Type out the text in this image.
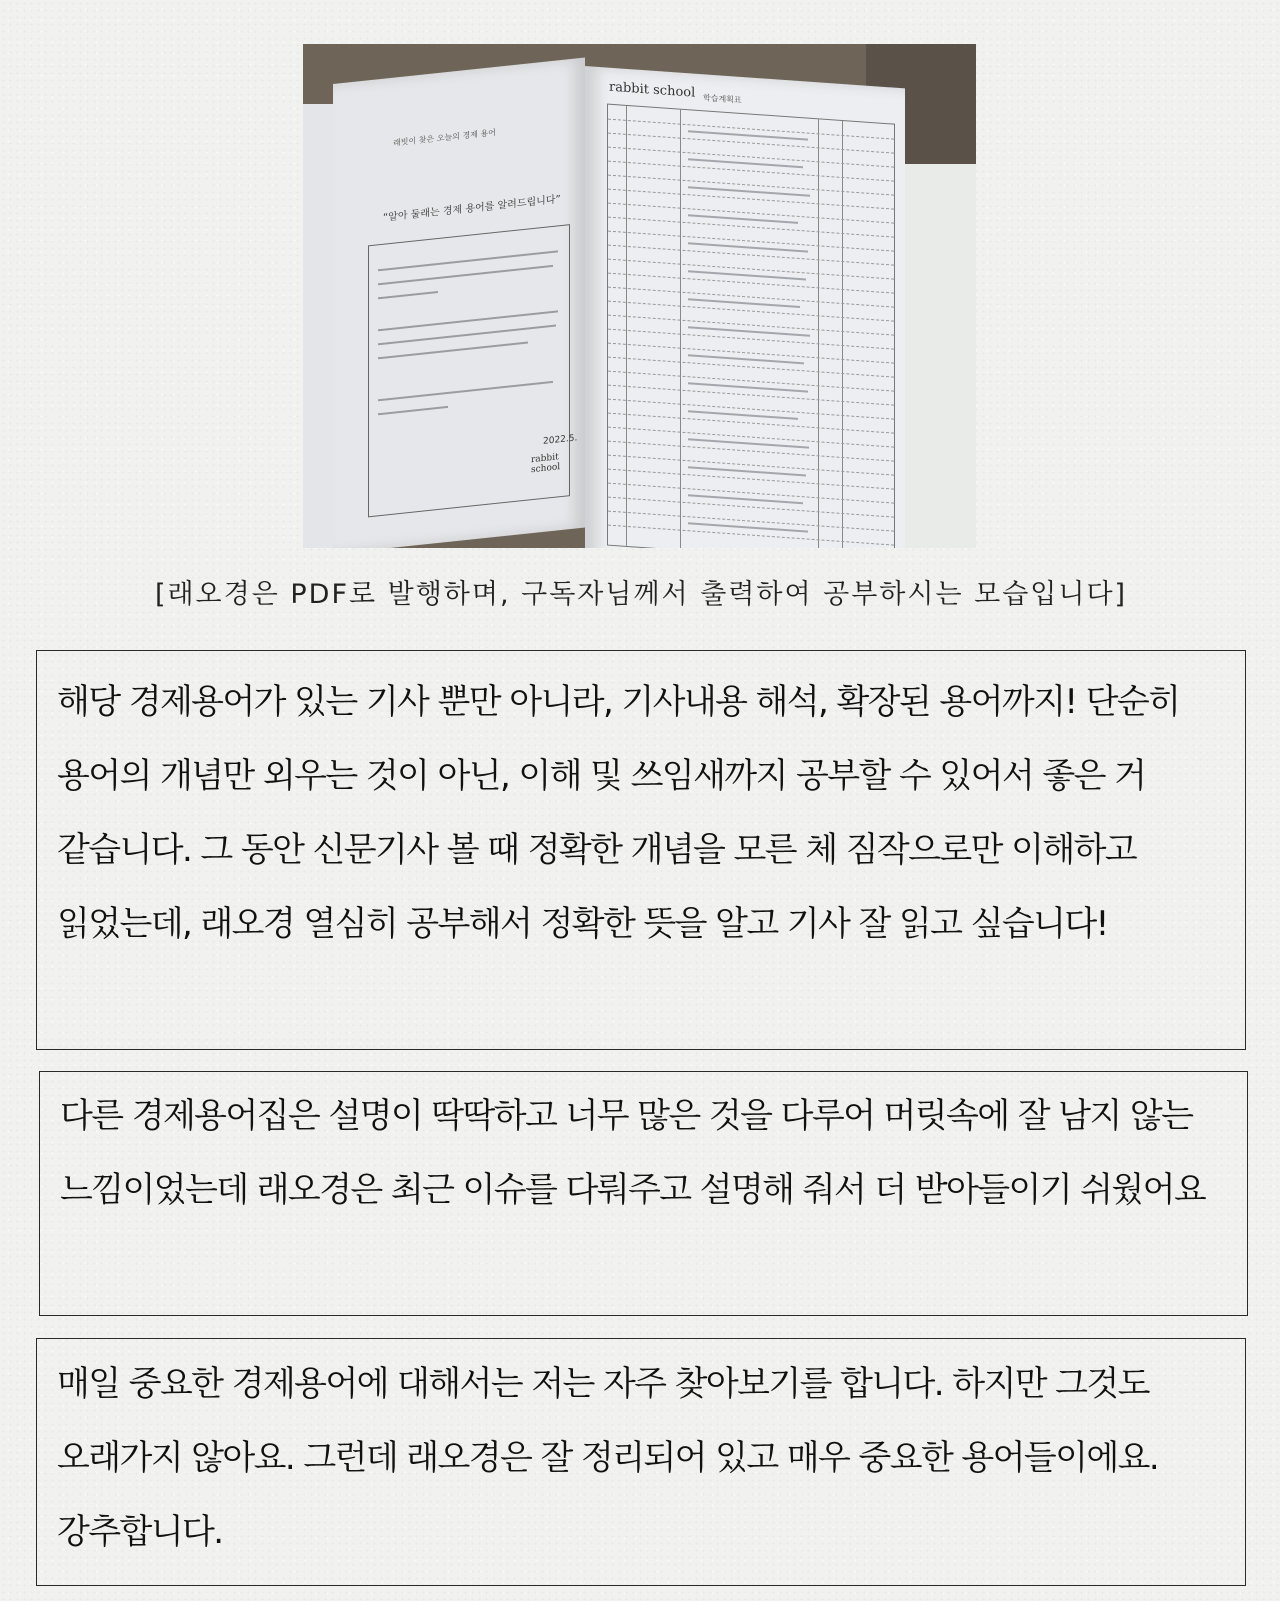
래빗이 찾은 오늘의 경제 용어
“알아 둘래는 경제 용어를 알려드립니다”
2022.5.
rabbit school
rabbit school 학습계획표
[래오경은 PDF로 발행하며, 구독자님께서 출력하여 공부하시는 모습입니다]

해당 경제용어가 있는 기사 뿐만 아니라, 기사내용 해석, 확장된 용어까지! 단순히 용어의 개념만 외우는 것이 아닌, 이해 및 쓰임새까지 공부할 수 있어서 좋은 거 같습니다. 그 동안 신문기사 볼 때 정확한 개념을 모른 체 짐작으로만 이해하고 읽었는데, 래오경 열심히 공부해서 정확한 뜻을 알고 기사 잘 읽고 싶습니다!

다른 경제용어집은 설명이 딱딱하고 너무 많은 것을 다루어 머릿속에 잘 남지 않는 느낌이었는데 래오경은 최근 이슈를 다뤄주고 설명해 줘서 더 받아들이기 쉬웠어요

매일 중요한 경제용어에 대해서는 저는 자주 찾아보기를 합니다. 하지만 그것도 오래가지 않아요. 그런데 래오경은 잘 정리되어 있고 매우 중요한 용어들이에요. 강추합니다.
